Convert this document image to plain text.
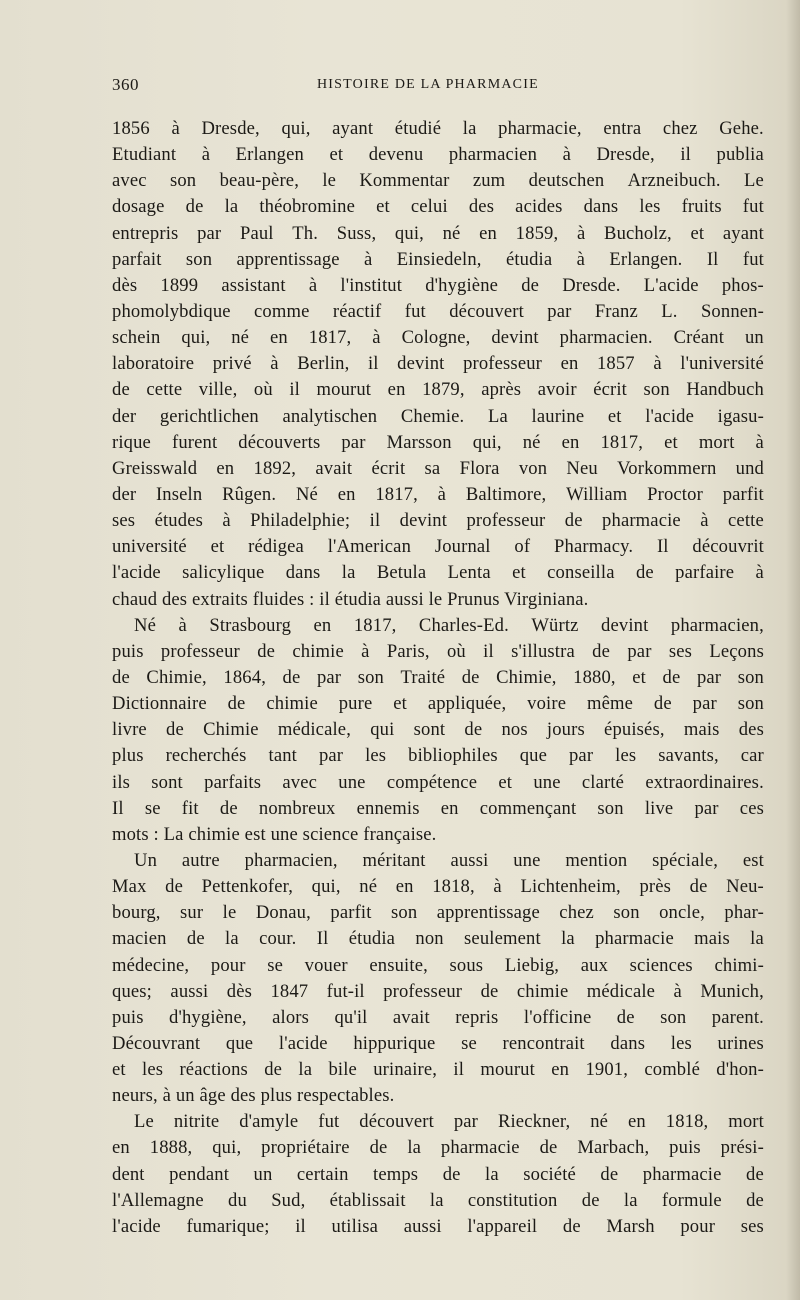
360	HISTOIRE DE LA PHARMACIE
1856 à Dresde, qui, ayant étudié la pharmacie, entra chez Gehe.
Etudiant à Erlangen et devenu pharmacien à Dresde, il publia
avec son beau-père, le Kommentar zum deutschen Arzneibuch. Le
dosage de la théobromine et celui des acides dans les fruits fut
entrepris par Paul Th. Suss, qui, né en 1859, à Bucholz, et ayant
parfait son apprentissage à Einsiedeln, étudia à Erlangen. Il fut
dès 1899 assistant à l'institut d'hygiène de Dresde. L'acide phos-
phomolybdique comme réactif fut découvert par Franz L. Sonnen-
schein qui, né en 1817, à Cologne, devint pharmacien. Créant un
laboratoire privé à Berlin, il devint professeur en 1857 à l'université
de cette ville, où il mourut en 1879, après avoir écrit son Handbuch
der gerichtlichen analytischen Chemie. La laurine et l'acide igasu-
rique furent découverts par Marsson qui, né en 1817, et mort à
Greisswald en 1892, avait écrit sa Flora von Neu Vorkommern und
der Inseln Rûgen. Né en 1817, à Baltimore, William Proctor parfit
ses études à Philadelphie; il devint professeur de pharmacie à cette
université et rédigea l'American Journal of Pharmacy. Il découvrit
l'acide salicylique dans la Betula Lenta et conseilla de parfaire à
chaud des extraits fluides : il étudia aussi le Prunus Virginiana.
Né à Strasbourg en 1817, Charles-Ed. Würtz devint pharmacien,
puis professeur de chimie à Paris, où il s'illustra de par ses Leçons
de Chimie, 1864, de par son Traité de Chimie, 1880, et de par son
Dictionnaire de chimie pure et appliquée, voire même de par son
livre de Chimie médicale, qui sont de nos jours épuisés, mais des
plus recherchés tant par les bibliophiles que par les savants, car
ils sont parfaits avec une compétence et une clarté extraordinaires.
Il se fit de nombreux ennemis en commençant son live par ces
mots : La chimie est une science française.
Un autre pharmacien, méritant aussi une mention spéciale, est
Max de Pettenkofer, qui, né en 1818, à Lichtenheim, près de Neu-
bourg, sur le Donau, parfit son apprentissage chez son oncle, phar-
macien de la cour. Il étudia non seulement la pharmacie mais la
médecine, pour se vouer ensuite, sous Liebig, aux sciences chimi-
ques; aussi dès 1847 fut-il professeur de chimie médicale à Munich,
puis d'hygiène, alors qu'il avait repris l'officine de son parent.
Découvrant que l'acide hippurique se rencontrait dans les urines
et les réactions de la bile urinaire, il mourut en 1901, comblé d'hon-
neurs, à un âge des plus respectables.
Le nitrite d'amyle fut découvert par Rieckner, né en 1818, mort
en 1888, qui, propriétaire de la pharmacie de Marbach, puis prési-
dent pendant un certain temps de la société de pharmacie de
l'Allemagne du Sud, établissait la constitution de la formule de
l'acide fumarique; il utilisa aussi l'appareil de Marsh pour ses
